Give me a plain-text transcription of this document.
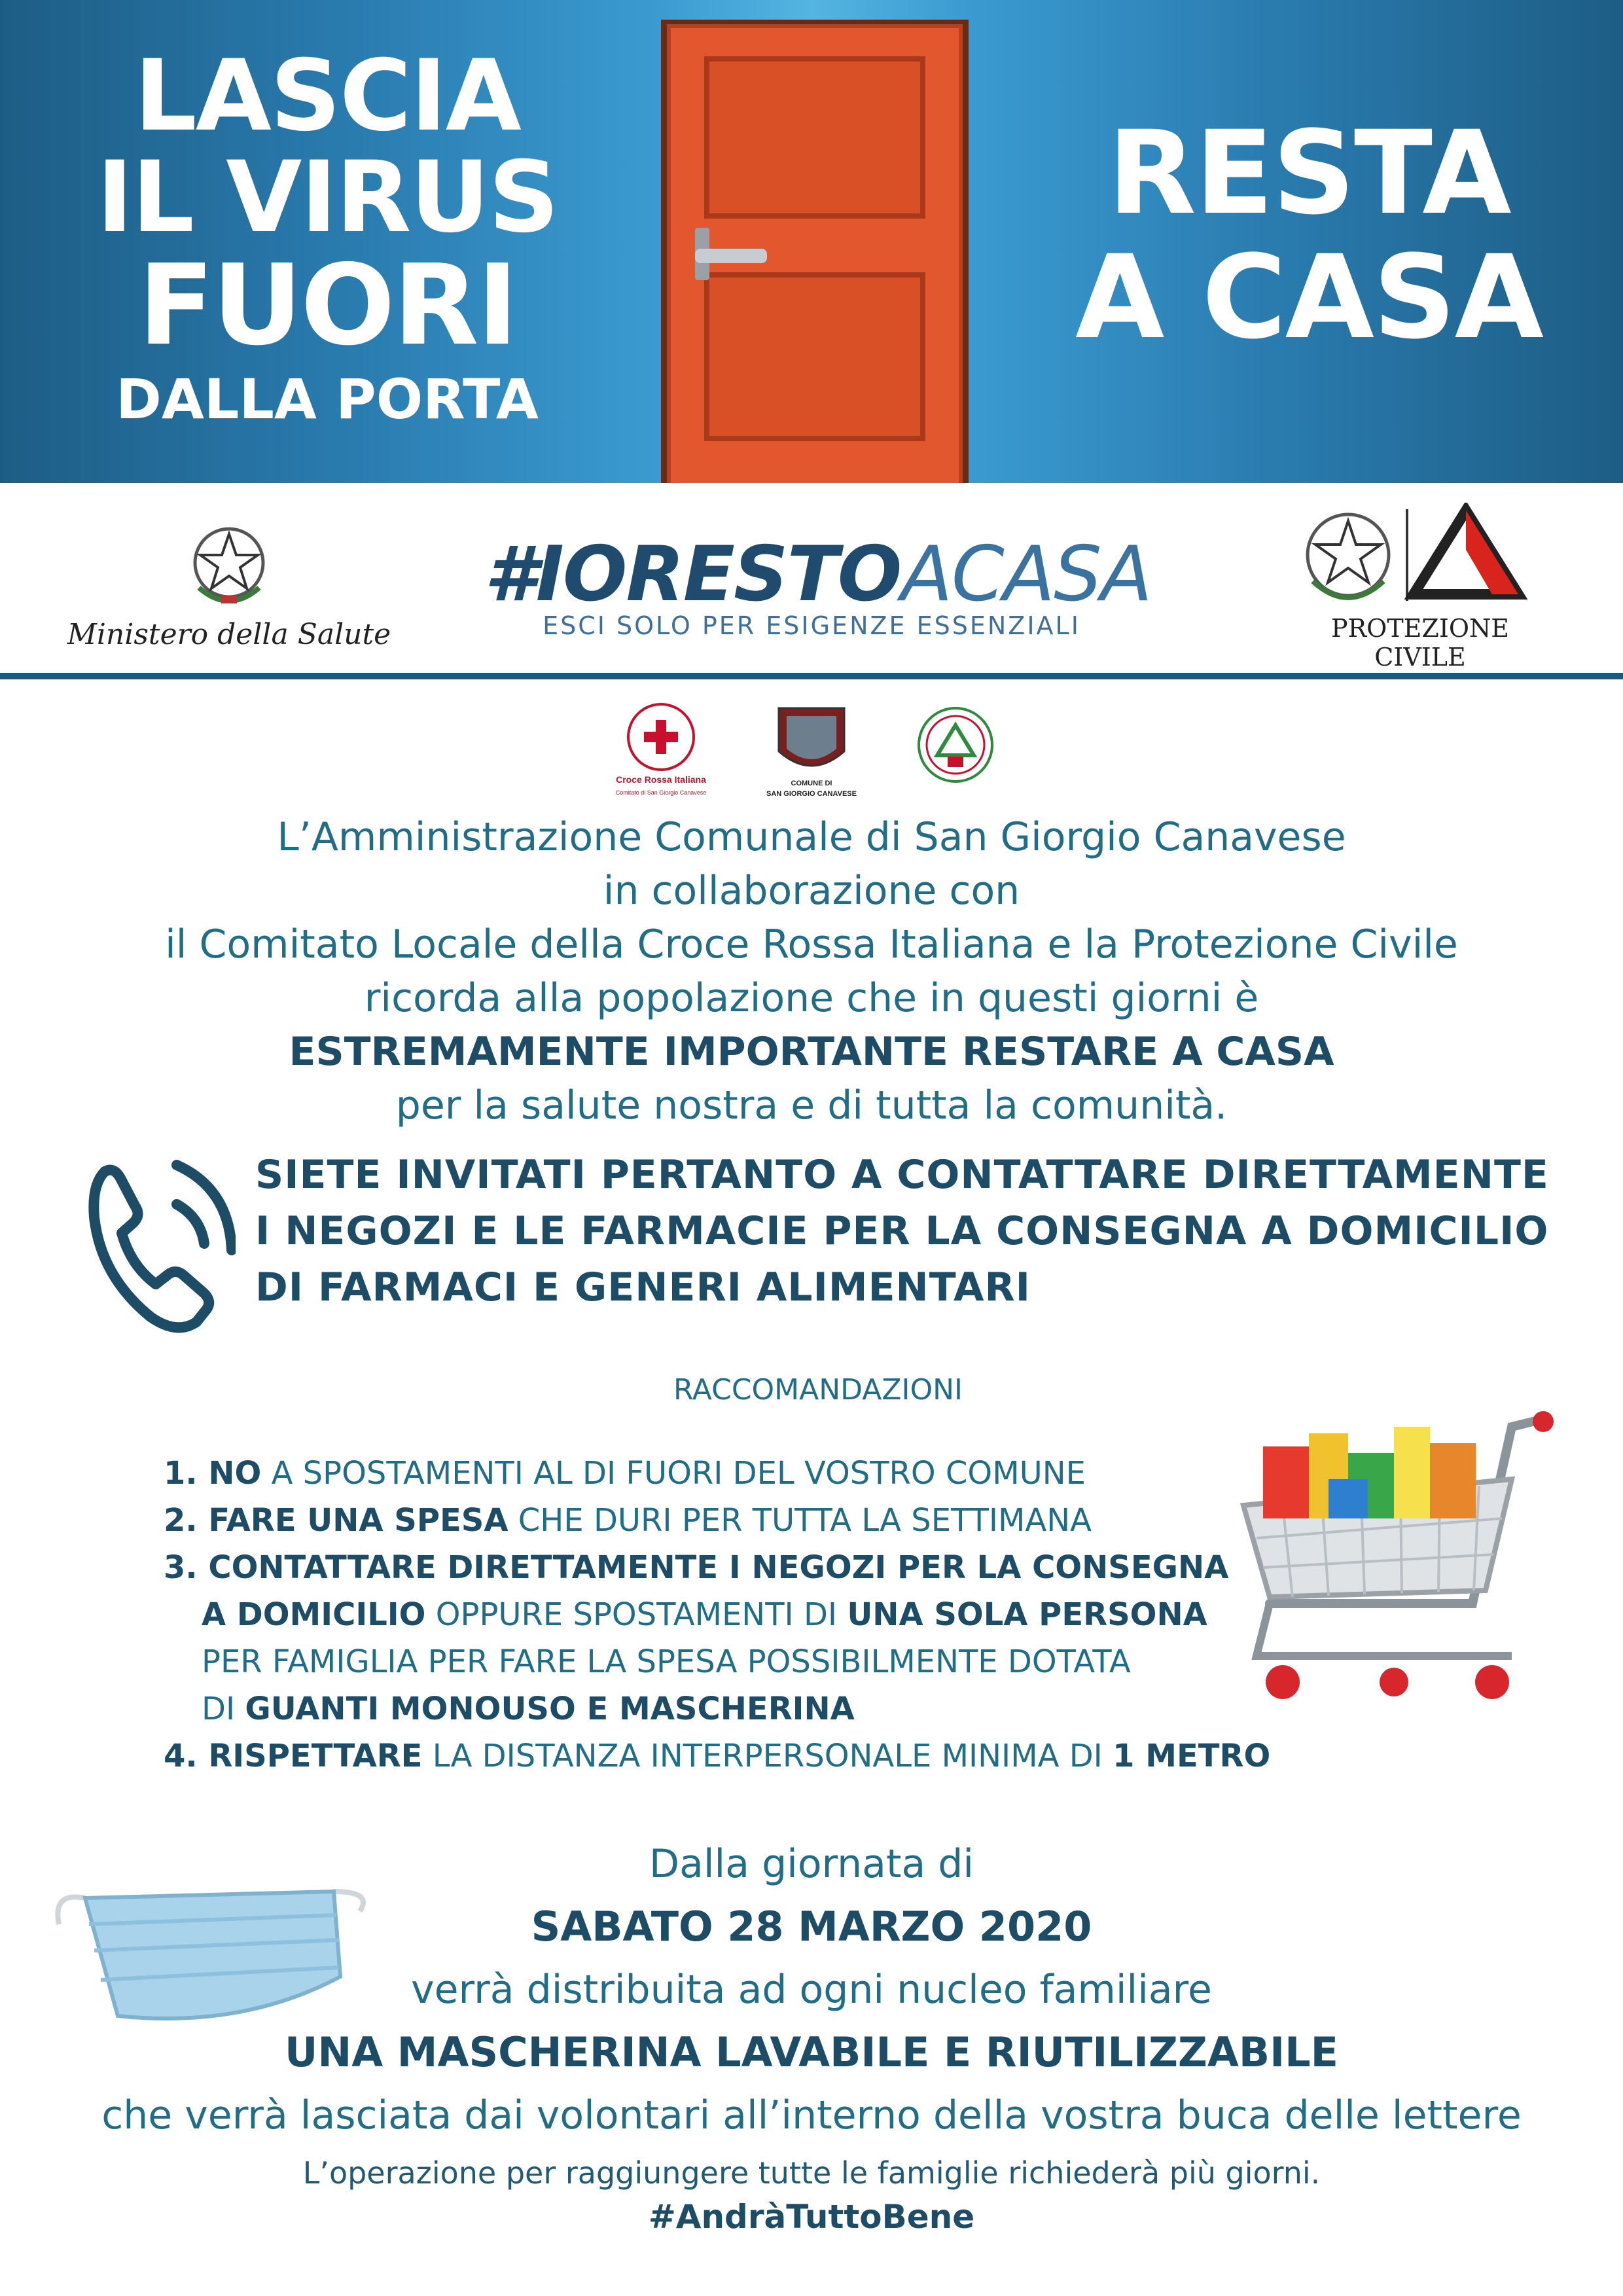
LASCIA
IL VIRUS
FUORI
DALLA PORTA
RESTA
A CASA
Ministero della Salute
#IORESTOACASA
ESCI SOLO PER ESIGENZE ESSENZIALI	PROTEZIONE CIVILE
Croce Rossa Italiana
Comitato di San Giorgio Canavese
COMUNE DI
SAN GIORGIO CANAVESE
L’Amministrazione Comunale di San Giorgio Canavese
in collaborazione con
il Comitato Locale della Croce Rossa Italiana e la Protezione Civile
ricorda alla popolazione che in questi giorni è
ESTREMAMENTE IMPORTANTE RESTARE A CASA
per la salute nostra e di tutta la comunità.
SIETE INVITATI PERTANTO A CONTATTARE DIRETTAMENTE
I NEGOZI E LE FARMACIE PER LA CONSEGNA A DOMICILIO
DI FARMACI E GENERI ALIMENTARI
RACCOMANDAZIONI
1. NO A SPOSTAMENTI AL DI FUORI DEL VOSTRO COMUNE
2. FARE UNA SPESA CHE DURI PER TUTTA LA SETTIMANA
3. CONTATTARE DIRETTAMENTE I NEGOZI PER LA CONSEGNA
A DOMICILIO OPPURE SPOSTAMENTI DI UNA SOLA PERSONA
PER FAMIGLIA PER FARE LA SPESA POSSIBILMENTE DOTATA
DI GUANTI MONOUSO E MASCHERINA
4. RISPETTARE LA DISTANZA INTERPERSONALE MINIMA DI 1 METRO
Dalla giornata di
SABATO 28 MARZO 2020
verrà distribuita ad ogni nucleo familiare
UNA MASCHERINA LAVABILE E RIUTILIZZABILE
che verrà lasciata dai volontari all’interno della vostra buca delle lettere
L’operazione per raggiungere tutte le famiglie richiederà più giorni.
#AndràTuttoBene
